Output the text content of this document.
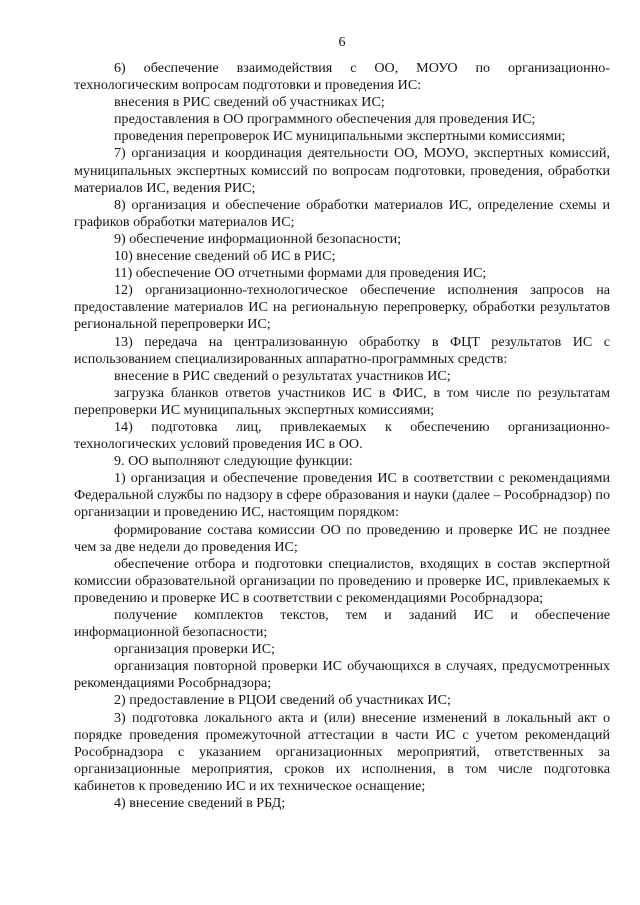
6

6) обеспечение взаимодействия с ОО, МОУО по организационно-технологическим вопросам подготовки и проведения ИС:

внесения в РИС сведений об участниках ИС;

предоставления в ОО программного обеспечения для проведения ИС;

проведения перепроверок ИС муниципальными экспертными комиссиями;

7) организация и координация деятельности ОО, МОУО, экспертных комиссий, муниципальных экспертных комиссий по вопросам подготовки, проведения, обработки материалов ИС, ведения РИС;

8) организация и обеспечение обработки материалов ИС, определение схемы и графиков обработки материалов ИС;

9) обеспечение информационной безопасности;

10) внесение сведений об ИС в РИС;

11) обеспечение ОО отчетными формами для проведения ИС;

12) организационно-технологическое обеспечение исполнения запросов на предоставление материалов ИС на региональную перепроверку, обработки результатов региональной перепроверки ИС;

13) передача на централизованную обработку в ФЦТ результатов ИС с использованием специализированных аппаратно-программных средств:

внесение в РИС сведений о результатах участников ИС;

загрузка бланков ответов участников ИС в ФИС, в том числе по результатам перепроверки ИС муниципальных экспертных комиссиями;

14) подготовка лиц, привлекаемых к обеспечению организационно-технологических условий проведения ИС в ОО.

9. ОО выполняют следующие функции:

1) организация и обеспечение проведения ИС в соответствии с рекомендациями Федеральной службы по надзору в сфере образования и науки (далее – Рособрнадзор) по организации и проведению ИС, настоящим порядком:

формирование состава комиссии ОО по проведению и проверке ИС не позднее чем за две недели до проведения ИС;

обеспечение отбора и подготовки специалистов, входящих в состав экспертной комиссии образовательной организации по проведению и проверке ИС, привлекаемых к проведению и проверке ИС в соответствии с рекомендациями Рособрнадзора;

получение комплектов текстов, тем и заданий ИС и обеспечение информационной безопасности;

организация проверки ИС;

организация повторной проверки ИС обучающихся в случаях, предусмотренных рекомендациями Рособрнадзора;

2) предоставление в РЦОИ сведений об участниках ИС;

3) подготовка локального акта и (или) внесение изменений в локальный акт о порядке проведения промежуточной аттестации в части ИС с учетом рекомендаций Рособрнадзора с указанием организационных мероприятий, ответственных за организационные мероприятия, сроков их исполнения, в том числе подготовка кабинетов к проведению ИС и их техническое оснащение;

4) внесение сведений в РБД;
